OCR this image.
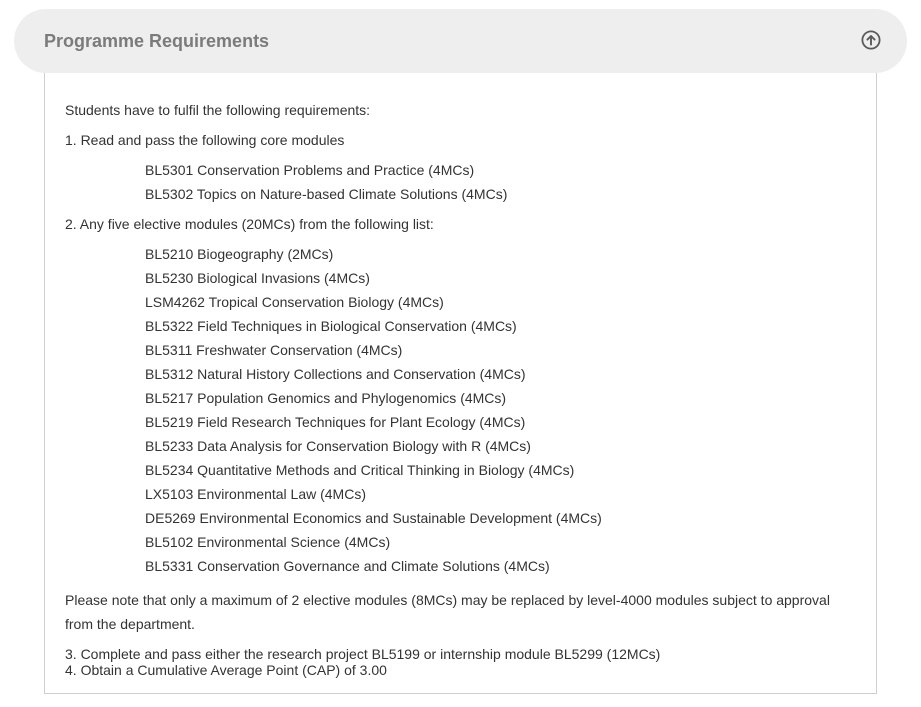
Programme Requirements
Students have to fulfil the following requirements:
1. Read and pass the following core modules
BL5301 Conservation Problems and Practice (4MCs)
BL5302 Topics on Nature-based Climate Solutions (4MCs)
2. Any five elective modules (20MCs) from the following list:
BL5210 Biogeography (2MCs)
BL5230 Biological Invasions (4MCs)
LSM4262 Tropical Conservation Biology (4MCs)
BL5322 Field Techniques in Biological Conservation (4MCs)
BL5311 Freshwater Conservation (4MCs)
BL5312 Natural History Collections and Conservation (4MCs)
BL5217 Population Genomics and Phylogenomics (4MCs)
BL5219 Field Research Techniques for Plant Ecology (4MCs)
BL5233 Data Analysis for Conservation Biology with R (4MCs)
BL5234 Quantitative Methods and Critical Thinking in Biology (4MCs)
LX5103 Environmental Law (4MCs)
DE5269 Environmental Economics and Sustainable Development (4MCs)
BL5102 Environmental Science (4MCs)
BL5331 Conservation Governance and Climate Solutions (4MCs)
Please note that only a maximum of 2 elective modules (8MCs) may be replaced by level-4000 modules subject to approval from the department.
3. Complete and pass either the research project BL5199 or internship module BL5299 (12MCs)
4. Obtain a Cumulative Average Point (CAP) of 3.00
